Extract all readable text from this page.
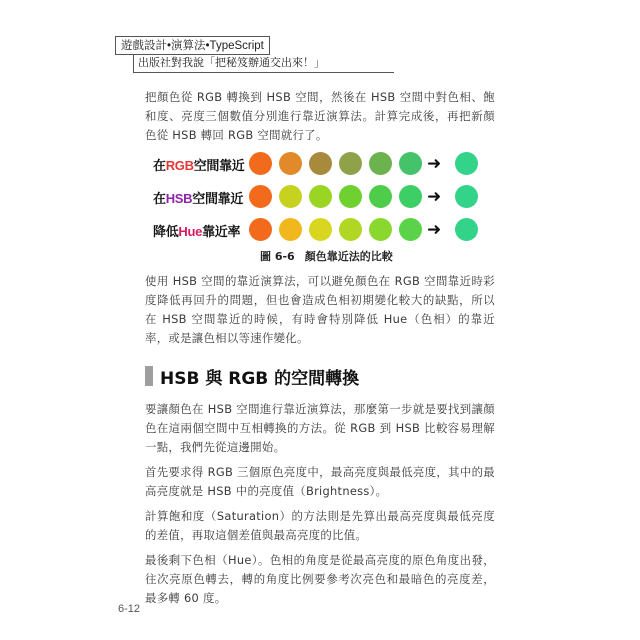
遊戲設計•演算法•TypeScript
出版社對我說「把秘笈辦通交出來！」

把顏色從 RGB 轉換到 HSB 空間，然後在 HSB 空間中對色相、飽和度、亮度三個數值分別進行靠近演算法。計算完成後，再把新顏色從 HSB 轉回 RGB 空間就行了。

在RGB空間靠近	➜
在HSB空間靠近	➜
降低Hue靠近率	➜
圖 6-6 顏色靠近法的比較

使用 HSB 空間的靠近演算法，可以避免顏色在 RGB 空間靠近時彩度降低再回升的問題，但也會造成色相初期變化較大的缺點，所以在 HSB 空間靠近的時候，有時會特別降低 Hue（色相）的靠近率，或是讓色相以等速作變化。

HSB 與 RGB 的空間轉換

要讓顏色在 HSB 空間進行靠近演算法，那麼第一步就是要找到讓顏色在這兩個空間中互相轉換的方法。從 RGB 到 HSB 比較容易理解一點，我們先從這邊開始。

首先要求得 RGB 三個原色亮度中，最高亮度與最低亮度，其中的最高亮度就是 HSB 中的亮度值（Brightness）。

計算飽和度（Saturation）的方法則是先算出最高亮度與最低亮度的差值，再取這個差值與最高亮度的比值。

最後剩下色相（Hue）。色相的角度是從最高亮度的原色角度出發，往次亮原色轉去，轉的角度比例要參考次亮色和最暗色的亮度差，最多轉 60 度。

6-12
